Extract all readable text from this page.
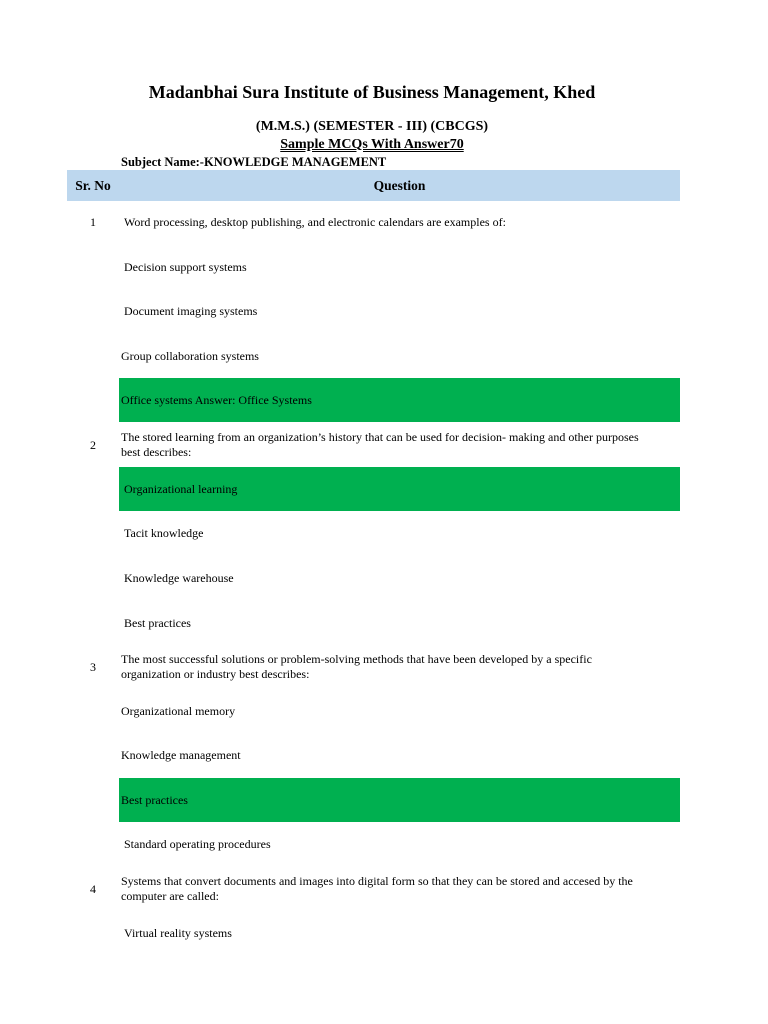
Madanbhai Sura Institute of Business Management, Khed
(M.M.S.) (SEMESTER - III) (CBCGS)
Sample MCQs With Answer70
Subject Name:-KNOWLEDGE MANAGEMENT
Sr. No	Question
1	Word processing, desktop publishing, and electronic calendars are examples of:
Decision support systems
Document imaging systems
Group collaboration systems
Office systems Answer: Office Systems
2
The stored learning from an organization’s history that can be used for decision- making and other purposes
best describes:
Organizational learning
Tacit knowledge
Knowledge warehouse
Best practices
3
The most successful solutions or problem-solving methods that have been developed by a specific
organization or industry best describes:
Organizational memory
Knowledge management
Best practices
Standard operating procedures
4
Systems that convert documents and images into digital form so that they can be stored and accesed by the
computer are called:
Virtual reality systems
